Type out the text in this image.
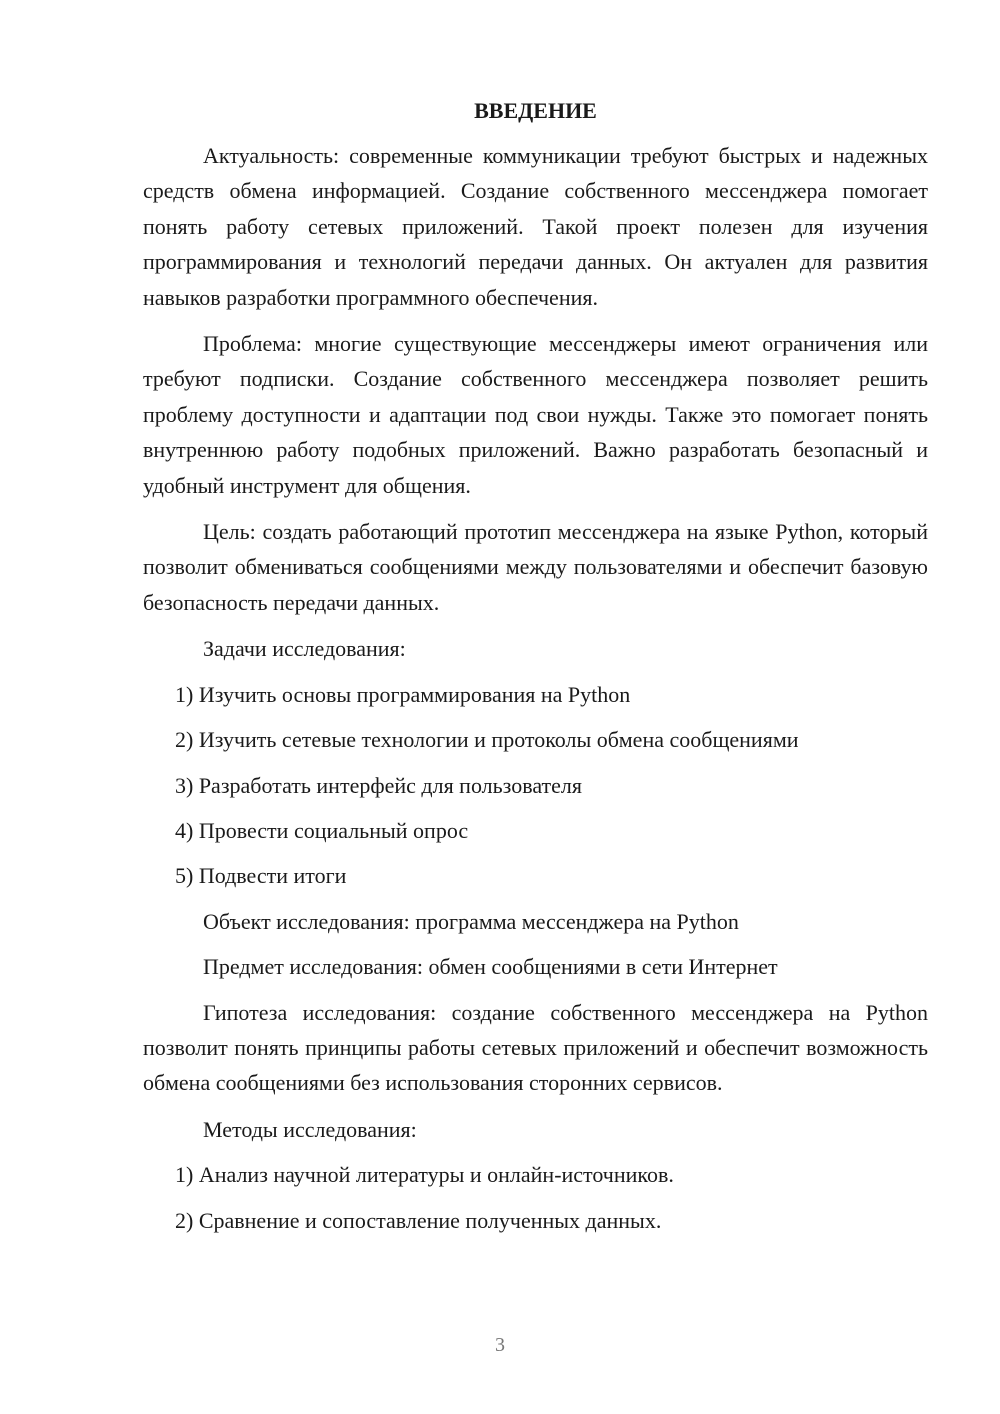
ВВЕДЕНИЕ

Актуальность: современные коммуникации требуют быстрых и надежных средств обмена информацией. Создание собственного мессенджера помогает понять работу сетевых приложений. Такой проект полезен для изучения программирования и технологий передачи данных. Он актуален для развития навыков разработки программного обеспечения.

Проблема: многие существующие мессенджеры имеют ограничения или требуют подписки. Создание собственного мессенджера позволяет решить проблему доступности и адаптации под свои нужды. Также это помогает понять внутреннюю работу подобных приложений. Важно разработать безопасный и удобный инструмент для общения.

Цель: создать работающий прототип мессенджера на языке Python, который позволит обмениваться сообщениями между пользователями и обеспечит базовую безопасность передачи данных.

Задачи исследования:

1) Изучить основы программирования на Python

2) Изучить сетевые технологии и протоколы обмена сообщениями

3) Разработать интерфейс для пользователя

4) Провести социальный опрос

5) Подвести итоги

Объект исследования: программа мессенджера на Python

Предмет исследования: обмен сообщениями в сети Интернет

Гипотеза исследования: создание собственного мессенджера на Python позволит понять принципы работы сетевых приложений и обеспечит возможность обмена сообщениями без использования сторонних сервисов.

Методы исследования:

1) Анализ научной литературы и онлайн-источников.

2) Сравнение и сопоставление полученных данных.

3
